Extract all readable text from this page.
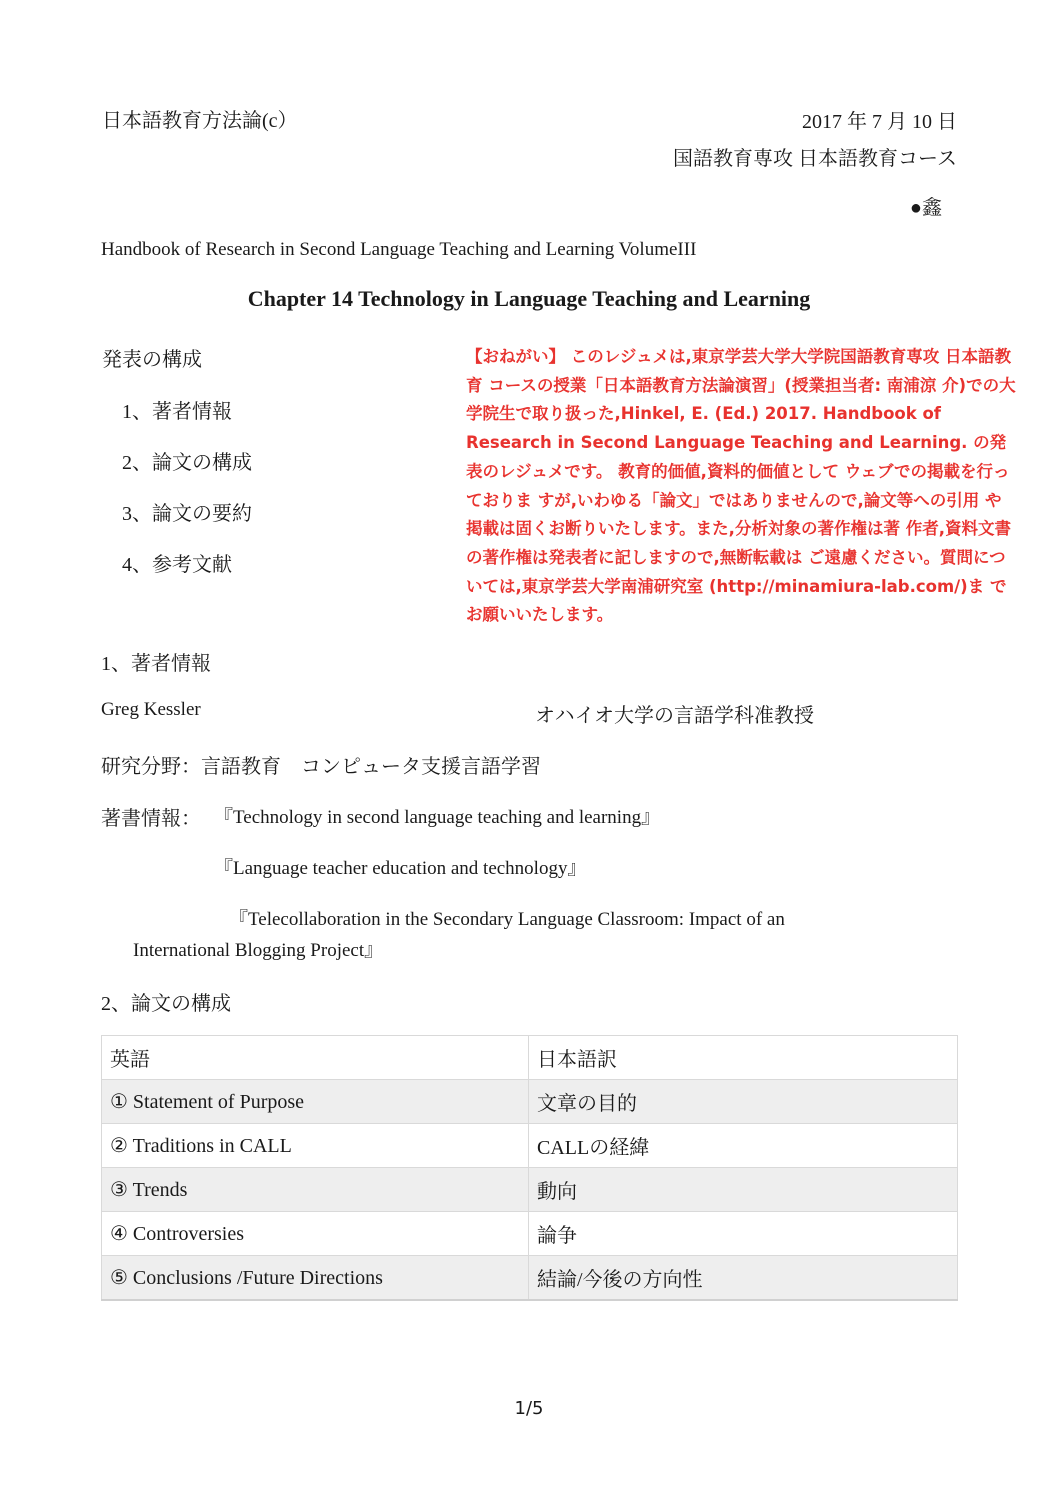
日本語教育方法論(c）	2017 年 7 月 10 日
国語教育専攻 日本語教育コース
●鑫
Handbook of Research in Second Language Teaching and Learning VolumeIII
Chapter 14 Technology in Language Teaching and Learning
発表の構成
1、著者情報
2、論文の構成
3、論文の要約
4、参考文献
【おねがい】 このレジュメは,東京学芸大学大学院国語教育専攻 日本語教育 コースの授業「日本語教育方法論演習」(授業担当者: 南浦涼 介)での大学院生で取り扱った,Hinkel, E. (Ed.) 2017. Handbook of Research in Second Language Teaching and Learning. の発表のレジュメです。 教育的価値,資料的価値として ウェブでの掲載を行っておりま すが,いわゆる「論文」ではありませんので,論文等への引用 や掲載は固くお断りいたします。また,分析対象の著作権は著 作者,資料文書の著作権は発表者に記しますので,無断転載は ご遠慮ください。質問については,東京学芸大学南浦研究室 (http://minamiura-lab.com/)ま でお願いいたします。
1、著者情報
Greg Kessler	オハイオ大学の言語学科准教授
研究分野：言語教育　コンピュータ支援言語学習
著書情報： 『Technology in second language teaching and learning』
『Language teacher education and technology』
『Telecollaboration in the Secondary Language Classroom: Impact of an
International Blogging Project』
2、論文の構成
英語	日本語訳
① Statement of Purpose	文章の目的
② Traditions in CALL	CALLの経緯
③ Trends	動向
④ Controversies	論争
⑤ Conclusions /Future Directions	結論/今後の方向性
1/5
